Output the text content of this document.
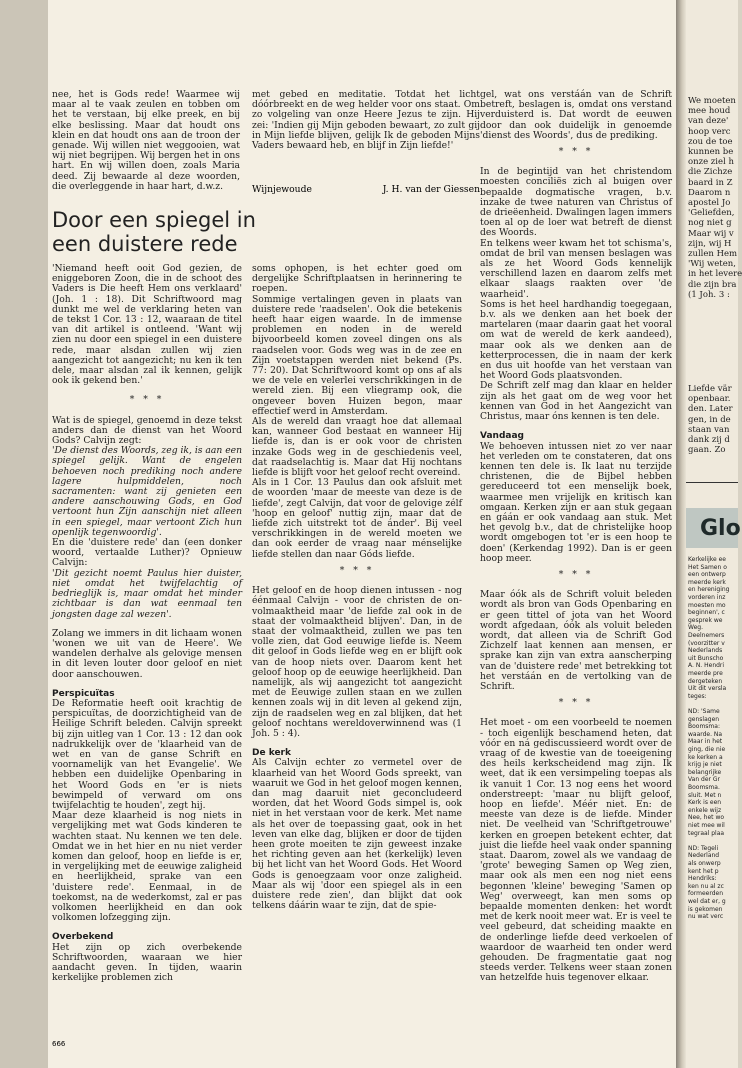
nee, het is Gods rede! Waarmee wij maar al te vaak zeulen en tobben om het te verstaan, bij elke preek, en bij elke beslissing. Maar dat houdt ons klein en dat houdt ons aan de troon der genade. Wij willen niet weggooien, wat wij niet begrijpen. Wij bergen het in ons hart. En wij willen doen, zoals Maria deed. Zij bewaarde al deze woorden, die overleggende in haar hart, d.w.z.

met gebed en meditatie. Totdat het licht dóórbreekt en de weg helder voor ons staat. Om zo volgeling van onze Heere Jezus te zijn. Hij zei: 'Indien gij Mijn geboden bewaart, zo zult gij in Mijn liefde blijven, gelijk Ik de geboden Mijns Vaders bewaard heb, en blijf in Zijn liefde!'

Wijnjewoude	J. H. van der Giessen
Door een spiegel in een duistere rede

'Niemand heeft ooit God gezien, de eniggeboren Zoon, die in de schoot des Vaders is Die heeft Hem ons verklaard' (Joh. 1 : 18). Dit Schriftwoord mag dunkt me wel de verklaring heten van de tekst 1 Cor. 13 : 12, waaraan de titel van dit artikel is ontleend. 'Want wij zien nu door een spiegel in een duistere rede, maar alsdan zullen wij zien aangezicht tot aangezicht; nu ken ik ten dele, maar alsdan zal ik kennen, gelijk ook ik gekend ben.'

* * *

Wat is de spiegel, genoemd in deze tekst anders dan de dienst van het Woord Gods? Calvijn zegt:

'De dienst des Woords, zeg ik, is aan een spiegel gelijk. Want de engelen behoeven noch prediking noch andere lagere hulpmiddelen, noch sacramenten: want zij genieten een andere aanschouwing Gods, en God vertoont hun Zijn aanschijn niet alleen in een spiegel, maar vertoont Zich hun openlijk tegenwoordig'.

En die 'duistere rede' dan (een donker woord, vertaalde Luther)? Opnieuw Calvijn:

'Dit gezicht noemt Paulus hier duister, niet omdat het twijfelachtig of bedrieglijk is, maar omdat het minder zichtbaar is dan wat eenmaal ten jongsten dage zal wezen'.

Zolang we immers in dit lichaam wonen 'wonen we uit van de Heere'. We wandelen derhalve als gelovige mensen in dit leven louter door geloof en niet door aanschouwen.

Perspicuïtas

De Reformatie heeft ooit krachtig de perspicuïtas, de doorzichtigheid van de Heilige Schrift beleden. Calvijn spreekt bij zijn uitleg van 1 Cor. 13 : 12 dan ook nadrukkelijk over de 'klaarheid van de wet en van de ganse Schrift en voornamelijk van het Evangelie'. We hebben een duidelijke Openbaring in het Woord Gods en 'er is niets bewimpeld of verward om ons twijfelachtig te houden', zegt hij.

Maar deze klaarheid is nog niets in vergelijking met wat Gods kinderen te wachten staat. Nu kennen we ten dele. Omdat we in het hier en nu niet verder komen dan geloof, hoop en liefde is er, in vergelijking met de eeuwige zaligheid en heerlijkheid, sprake van een 'duistere rede'. Eenmaal, in de toekomst, na de wederkomst, zal er pas volkomen heerlijkheid en dan ook volkomen lofzegging zijn.

Overbekend

Het zijn op zich overbekende Schriftwoorden, waaraan we hier aandacht geven. In tijden, waarin kerkelijke problemen zich

soms ophopen, is het echter goed om dergelijke Schriftplaatsen in herinnering te roepen.

Sommige vertalingen geven in plaats van duistere rede 'raadselen'. Ook die betekenis heeft haar eigen waarde. In de immense problemen en noden in de wereld bijvoorbeeld komen zoveel dingen ons als raadselen voor. Gods weg was in de zee en Zijn voetstappen werden niet bekend (Ps. 77: 20). Dat Schriftwoord komt op ons af als we de vele en velerlei verschrikkingen in de wereld zien. Bij een vliegramp ook, die ongeveer boven Huizen begon, maar effectief werd in Amsterdam.

Als de wereld dan vraagt hoe dat allemaal kan, wanneer God bestaat en wanneer Hij liefde is, dan is er ook voor de christen inzake Gods weg in de geschiedenis veel, dat raadselachtig is. Maar dat Hij nochtans liefde is blijft voor het geloof recht overeind.

Als in 1 Cor. 13 Paulus dan ook afsluit met de woorden 'maar de meeste van deze is de liefde', zegt Calvijn, dat voor de gelovige zélf 'hoop en geloof' nuttig zijn, maar dat de liefde zich uitstrekt tot de ánder'. Bij veel verschrikkingen in de wereld moeten we dan ook eerder de vraag naar ménselijke liefde stellen dan naar Góds liefde.

* * *

Het geloof en de hoop dienen intussen - nog éénmaal Calvijn - voor de christen de on-volmaaktheid maar 'de liefde zal ook in de staat der volmaaktheid blijven'. Dan, in de staat der volmaaktheid, zullen we pas ten volle zien, dat God eeuwige liefde is. Neem dit geloof in Gods liefde weg en er blijft ook van de hoop niets over. Daarom kent het geloof hoop op de eeuwige heerlijkheid. Dan namelijk, als wij aangezicht tot aangezicht met de Eeuwige zullen staan en we zullen kennen zoals wij in dit leven al gekend zijn, zijn de raadselen weg en zal blijken, dat het geloof nochtans wereldoverwinnend was (1 Joh. 5 : 4).

De kerk

Als Calvijn echter zo vermetel over de klaarheid van het Woord Gods spreekt, van waaruit we God in het geloof mogen kennen, dan mag daaruit niet geconcludeerd worden, dat het Woord Gods simpel is, ook niet in het verstaan voor de kerk. Met name als het over de toepassing gaat, ook in het leven van elke dag, blijken er door de tijden heen grote moeiten te zijn geweest inzake het richting geven aan het (kerkelijk) leven bij het licht van het Woord Gods. Het Woord Gods is genoegzaam voor onze zaligheid. Maar als wij 'door een spiegel als in een duistere rede zien', dan blijkt dat ook telkens dáárin waar te zijn, dat de spie-

gel, wat ons verstáán van de Schrift betreft, beslagen is, omdat ons verstand verduisterd is. Dat wordt de eeuwen door dan ook duidelijk in genoemde 'dienst des Woords', dus de prediking.

* * *

In de begintijd van het christendom moesten conciliës zich al buigen over bepaalde dogmatische vragen, b.v. inzake de twee naturen van Christus of de drieëenheid. Dwalingen lagen immers toen al op de loer wat betreft de dienst des Woords.

En telkens weer kwam het tot schisma's, omdat de bril van mensen beslagen was als ze het Woord Gods kennelijk verschillend lazen en daarom zelfs met elkaar slaags raakten over 'de waarheid'.

Soms is het heel hardhandig toegegaan, b.v. als we denken aan het boek der martelaren (maar daarin gaat het vooral om wat de wereld de kerk aandeed), maar ook als we denken aan de ketterprocessen, die in naam der kerk en dus uit hoofde van het verstaan van het Woord Gods plaatsvonden.

De Schrift zelf mag dan klaar en helder zijn als het gaat om de weg voor het kennen van God in het Aangezicht van Christus, maar óns kennen is ten dele.

Vandaag

We behoeven intussen niet zo ver naar het verleden om te constateren, dat ons kennen ten dele is. Ik laat nu terzijde christenen, die de Bijbel hebben gereduceerd tot een menselijk boek, waarmee men vrijelijk en kritisch kan omgaan. Kerken zijn er aan stuk gegaan en gáán er ook vandaag aan stuk. Met het gevolg b.v., dat de christelijke hoop wordt omgebogen tot 'er is een hoop te doen' (Kerkendag 1992). Dan is er geen hoop meer.

* * *

Maar óók als de Schrift voluit beleden wordt als bron van Gods Openbaring en er geen tittel of jota van het Woord wordt afgedaan, óók als voluit beleden wordt, dat alleen via de Schrift God Zichzelf laat kennen aan mensen, er sprake kan zijn van extra aanscherping van de 'duistere rede' met betrekking tot het verstáán en de vertolking van de Schrift.

* * *

Het moet - om een voorbeeld te noemen - toch eigenlijk beschamend heten, dat vóór en ná gediscussieerd wordt over de vraag of de kwestie van de toeeigening des heils kerkscheidend mag zijn. Ik weet, dat ik een versimpeling toepas als ik vanuit 1 Cor. 13 nog eens het woord onderstreept: 'maar nu blijft geloof, hoop en liefde'. Méér niet. En: de meeste van deze is de liefde. Minder niet. De veelheid van 'Schriftgetrouwe' kerken en groepen betekent echter, dat juist die liefde heel vaak onder spanning staat. Daarom, zowel als we vandaag de 'grote' beweging Samen op Weg zien, maar ook als men een nog niet eens begonnen 'kleine' beweging 'Samen op Weg' overweegt, kan men soms op bepaalde momenten denken: het wordt met de kerk nooit meer wat. Er is veel te veel gebeurd, dat scheiding maakte en de onderlinge liefde deed verkoelen of waardoor de waarheid ten onder werd gehouden. De fragmentatie gaat nog steeds verder. Telkens weer staan zonen van hetzelfde huis tegenover elkaar.

666
We moeten
mee houd
van deze'
hoop verc
zou de toe
kunnen be
onze ziel h
die Zichze
baard in Z
Daarom n
apostel Jo
'Geliefden,
nog niet g
Maar wij v
zijn, wij H
zullen Hem
'Wij weten,
in het levere
die zijn bra
(1 Joh. 3 :
Liefde vär
openbaar.
den. Later
gen, in de
staan van
dank zij d
gaan. Zo
Glo
Kerkelijke ee
Het Samen o
een ontwerp
meerde kerk
en hereniging
vorderen inz
moesten mo
beginnen', c
gesprek we
Weg.
Deelnemers
(voorzitter v
Nederlands
uit Bunscho
A. N. Hendri
meerde pre
dergeteken
Uit dit versla
teges:
ND: 'Same
genslagen
Boomsma:
waarde. Na
Maar in het
ging, die nie
ke kerken a
krijg je niet
belangrijke
Van der Gr
Boomsma.
sluit. Met n
Kerk is een
enkele wijz
Nee, het wo
niet mee wil
tegraal plaa
ND: Tegeli
Nederland
als onwerp
kent het p
Hendriks:
ken nu al zc
formeerden
wel dat er, g
is gekomen
nu wat verc
